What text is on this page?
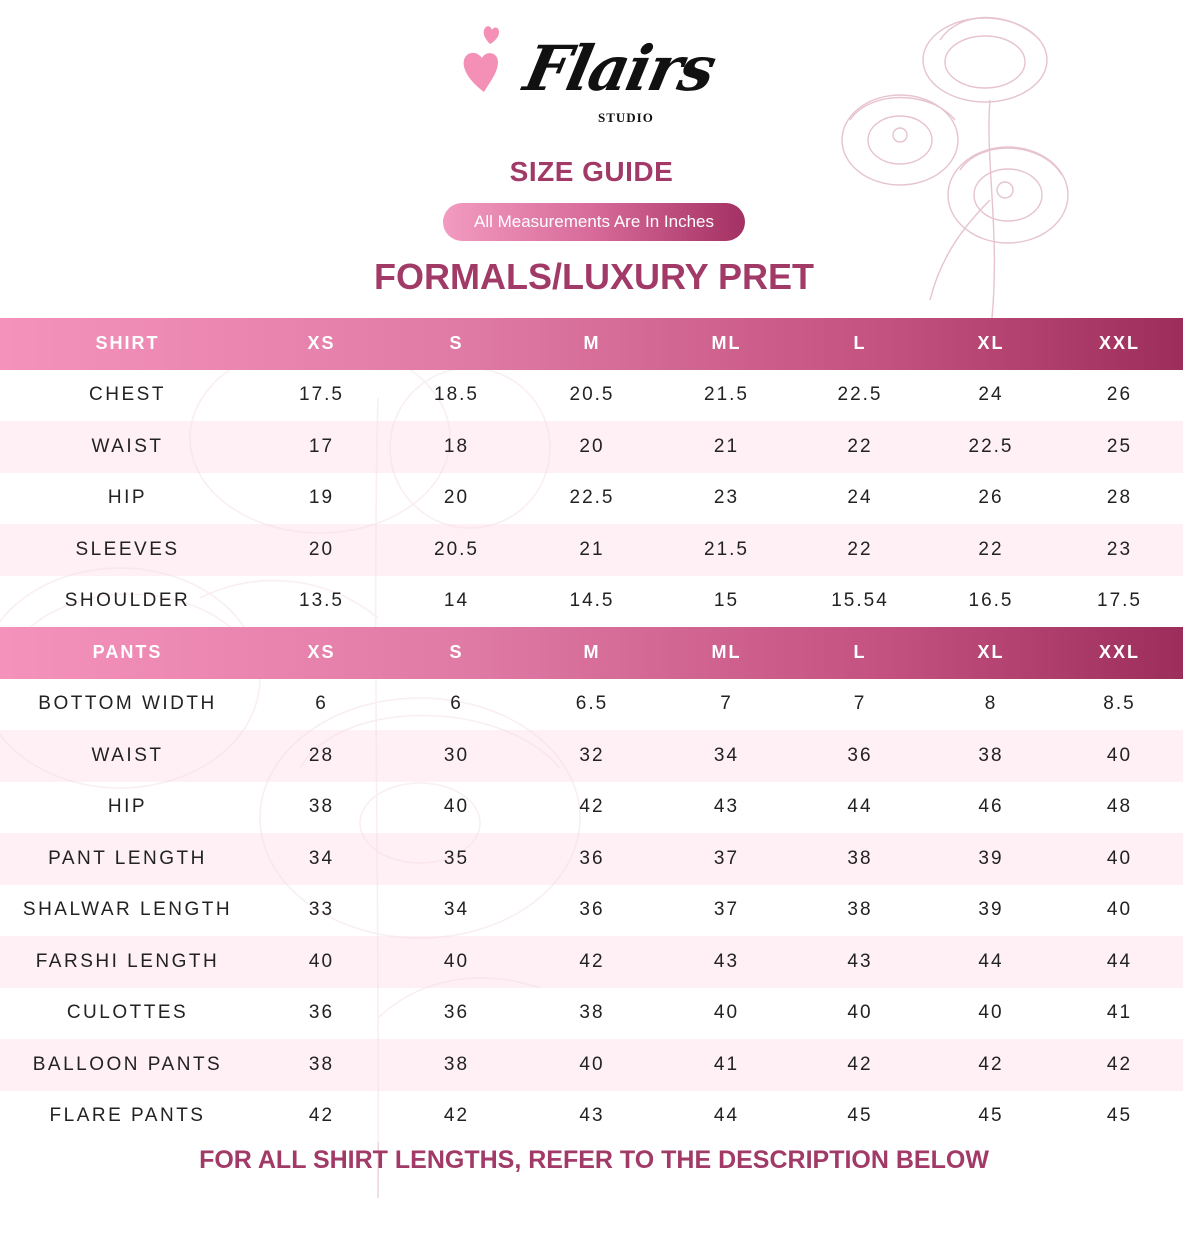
Flairs
STUDIO
SIZE GUIDE
All Measurements Are In Inches
FORMALS/LUXURY PRET
SHIRT	XS	S	M	ML	L	XL	XXL
CHEST	17.5	18.5	20.5	21.5	22.5	24	26
WAIST	17	18	20	21	22	22.5	25
HIP	19	20	22.5	23	24	26	28
SLEEVES	20	20.5	21	21.5	22	22	23
SHOULDER	13.5	14	14.5	15	15.54	16.5	17.5
PANTS	XS	S	M	ML	L	XL	XXL
BOTTOM WIDTH	6	6	6.5	7	7	8	8.5
WAIST	28	30	32	34	36	38	40
HIP	38	40	42	43	44	46	48
PANT LENGTH	34	35	36	37	38	39	40
SHALWAR LENGTH	33	34	36	37	38	39	40
FARSHI LENGTH	40	40	42	43	43	44	44
CULOTTES	36	36	38	40	40	40	41
BALLOON PANTS	38	38	40	41	42	42	42
FLARE PANTS	42	42	43	44	45	45	45
FOR ALL SHIRT LENGTHS, REFER TO THE DESCRIPTION BELOW
